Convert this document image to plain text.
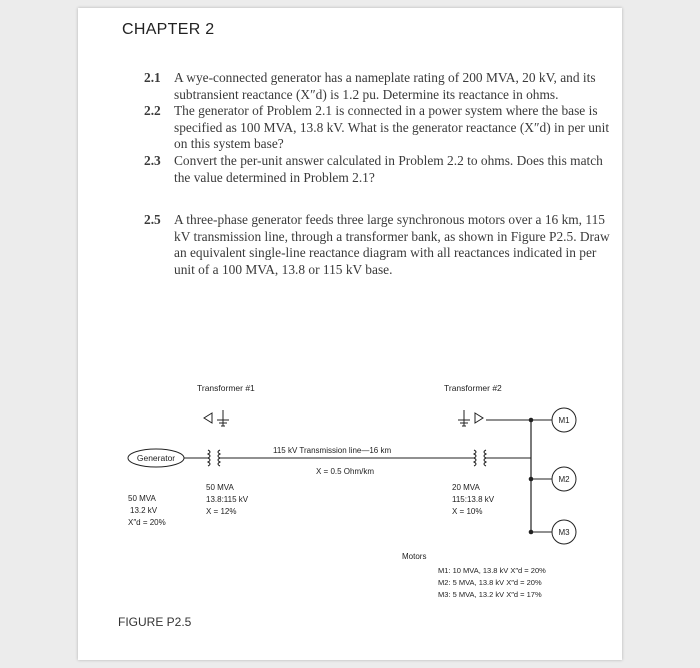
CHAPTER 2
2.1 A wye-connected generator has a nameplate rating of 200 MVA, 20 kV, and its subtransient reactance (X″d) is 1.2 pu. Determine its reactance in ohms.
2.2 The generator of Problem 2.1 is connected in a power system where the base is specified as 100 MVA, 13.8 kV. What is the generator reactance (X″d) in per unit on this system base?
2.3 Convert the per-unit answer calculated in Problem 2.2 to ohms. Does this match the value determined in Problem 2.1?
2.5 A three-phase generator feeds three large synchronous motors over a 16 km, 115 kV transmission line, through a transformer bank, as shown in Figure P2.5. Draw an equivalent single-line reactance diagram with all reactances indicated in per unit of a 100 MVA, 13.8 or 115 kV base.
Transformer #1	Transformer #2
Generator
115 kV Transmission line—16 km
X = 0.5 Ohm/km
M1
M2
M3
50 MVA
13.2 kV
X″d = 20%
50 MVA
13.8:115 kV
X = 12%
20 MVA
115:13.8 kV
X = 10%
Motors
M1: 10 MVA, 13.8 kV X″d = 20%
M2: 5 MVA, 13.8 kV X″d = 20%
M3: 5 MVA, 13.2 kV X″d = 17%
FIGURE P2.5
